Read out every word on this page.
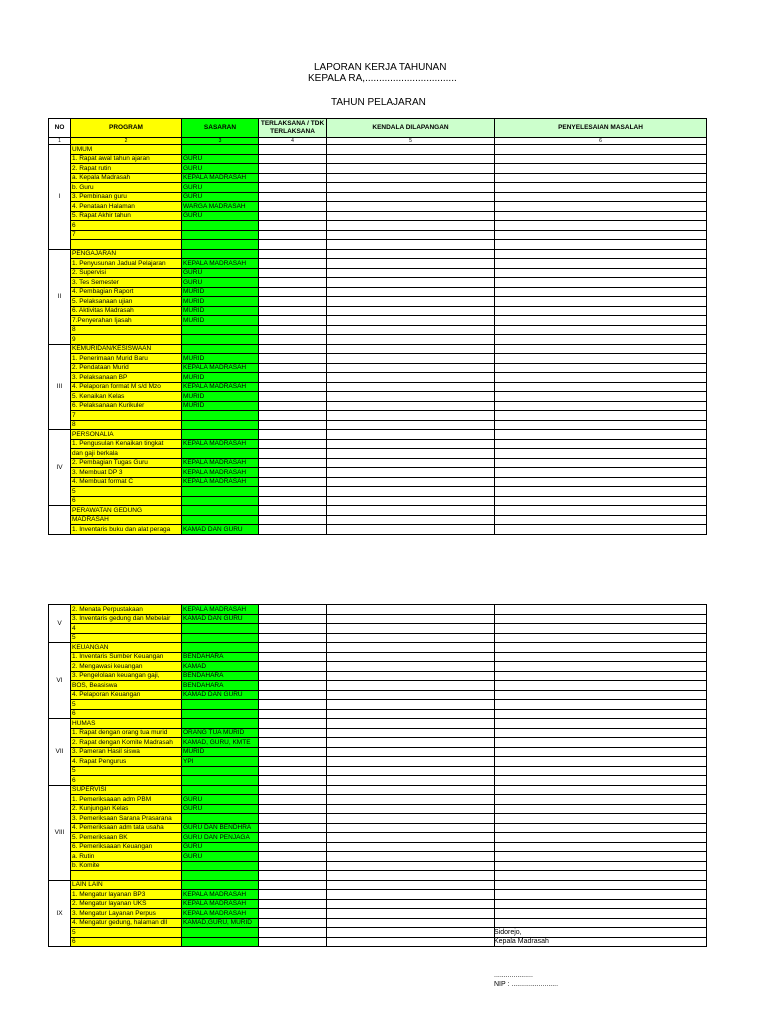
LAPORAN KERJA TAHUNAN
KEPALA RA,.................................
TAHUN PELAJARAN
NO	PROGRAM	SASARAN	TERLAKSANA / TDK TERLAKSANA	KENDALA DILAPANGAN	PENYELESAIAN MASALAH
1	2	3	4	5	6
I	UMUM				
	1. Rapat awal tahun ajaran	GURU			
	2. Rapat rutin	GURU			
	a. Kepala Madrasah	KEPALA MADRASAH			
	b. Guru	GURU			
	3. Pembinaan guru	GURU			
	4. Penataan Halaman	WARGA MADRASAH			
	5. Rapat Akhir tahun	GURU			
	6				
	7				

II	PENGAJARAN				
	1. Penyusunan Jadual Pelajaran	KEPALA MADRASAH			
	2. Supervisi	GURU			
	3. Tes Semester	GURU			
	4. Pembagian Raport	MURID			
	5. Pelaksanaan ujian	MURID			
	6. Aktivitas Madrasah	MURID			
	7.Penyerahan Ijasah	MURID			
	8				
	9				
III	KEMURIDAN/KESISWAAN				
	1. Penerimaan Murid Baru	MURID			
	2. Pendataan Murid	KEPALA MADRASAH			
	3. Pelaksanaan BP	MURID			
	4. Pelaporan format M s/d Mzo	KEPALA MADRASAH			
	5. Kenaikan Kelas	MURID			
	6. Pelaksanaan Kurikuler	MURID			
	7				
	8				
IV	PERSONALIA				
	1. Pengusulan Kenaikan tingkat	KEPALA MADRASAH			
	dan gaji berkala				
	2. Pembagian Tugas Guru	KEPALA MADRASAH			
	3. Membuat DP 3	KEPALA MADRASAH			
	4. Membuat format C	KEPALA MADRASAH			
	5				
	6				
	PERAWATAN GEDUNG				
	MADRASAH				
	1. Inventaris buku dan alat peraga	KAMAD DAN GURU			
V	2. Menata Perpustakaan	KEPALA MADRASAH			
	3. Inventaris gedung dan Mebelair	KAMAD DAN GURU			
	4				
	5				
VI	KEUANGAN				
	1. Inventaris Sumber Keuangan	BENDAHARA			
	2. Mengawasi keuangan	KAMAD			
	3. Pengelolaan keuangan gaji,	BENDAHARA			
	BOS, Beasiswa	BENDAHARA			
	4. Pelaporan Keuangan	KAMAD DAN GURU			
	5				
	6				
VII	HUMAS				
	1. Rapat dengan orang tua murid	ORANG TUA MURID			
	2. Rapat dengan Komite Madrasah	KAMAD, GURU, KMTE			
	3. Pameran Hasil siswa	MURID			
	4. Rapat Pengurus	YPI			
	5				
	6				
VIII	SUPERVISI				
	1. Pemeriksaaan adm PBM	GURU			
	2. Kunjungan Kelas	GURU			
	3. Pemeriksaan Sarana Prasarana				
	4. Pemeriksaan adm tata usaha	GURU DAN BENDHRA			
	5. Pemeriksaan BK	GURU DAN PENJAGA			
	6. Pemeriksaaan Keuangan	GURU			
	a. Rutin	GURU			
	b. Komite				

IX	LAIN LAIN				
	1. Mengatur layanan BP3	KEPALA MADRASAH			
	2. Mengatur layanan UKS	KEPALA MADRASAH			
	3. Mengatur Layanan Perpus	KEPALA MADRASAH			
	4. Mengatur gedung, halaman dll	KAMAD,GURU, MURID			
	5				
	6				
Sidorejo,
Kepala Madrasah
....................
NIP : ........................
